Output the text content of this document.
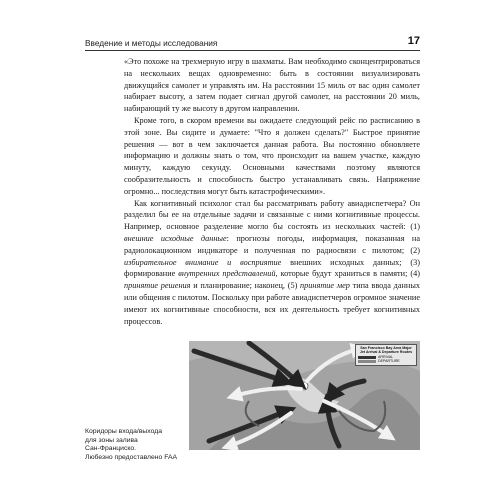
Введение и методы исследования	17

«Это похоже на трехмерную игру в шахматы. Вам необходимо сконцентрироваться на нескольких вещах одновременно: быть в состоянии визуализировать движущийся самолет и управлять им. На расстоянии 15 миль от вас один самолет набирает высоту, а затем подает сигнал другой самолет, на расстоянии 20 миль, набирающий ту же высоту в другом направлении.

Кроме того, в скором времени вы ожидаете следующий рейс по расписанию в этой зоне. Вы сидите и думаете: "Что я должен сделать?" Быстрое принятие решения — вот в чем заключается данная работа. Вы постоянно обновляете информацию и должны знать о том, что происходит на вашем участке, каждую минуту, каждую секунду. Основными качествами поэтому являются сообразительность и способность быстро устанавливать связь. Напряжение огромно... последствия могут быть катастрофическими».

Как когнитивный психолог стал бы рассматривать работу авиадиспетчера? Он разделил бы ее на отдельные задачи и связанные с ними когнитивные процессы. Например, основное разделение могло бы состоять из нескольких частей: (1) внешние исходные данные: прогнозы погоды, информация, показанная на радиолокационном индикаторе и полученная по радиосвязи с пилотом; (2) избирательное внимание и восприятие внешних исходных данных; (3) формирование внутренних представлений, которые будут храниться в памяти; (4) принятие решения и планирование; наконец, (5) принятие мер типа ввода данных или общения с пилотом. Поскольку при работе авиадиспетчеров огромное значение имеют их когнитивные способности, вся их деятельность требует когнитивных процессов.

San Francisco Bay Area Major Jet Arrival & Departure Routes
ARRIVAL
DEPARTURE
Коридоры входа/выхода
для зоны залива
Сан-Франциско.
Любезно предоставлено FAA
